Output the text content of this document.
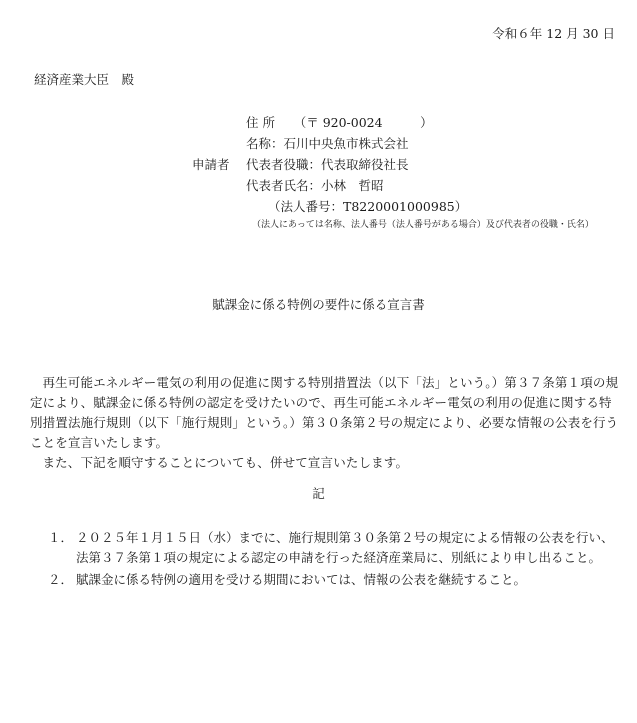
令和６年 12 月 30 日
経済産業大臣　殿
申請者
住 所　　（〒 920-0024　　　）
名称：石川中央魚市株式会社
代表者役職：代表取締役社長
代表者氏名：小林　哲昭
（法人番号：T8220001000985）
（法人にあっては名称、法人番号（法人番号がある場合）及び代表者の役職・氏名）
賦課金に係る特例の要件に係る宣言書

再生可能エネルギー電気の利用の促進に関する特別措置法（以下「法」という。）第３７条第１項の規定により、賦課金に係る特例の認定を受けたいので、再生可能エネルギー電気の利用の促進に関する特別措置法施行規則（以下「施行規則」という。）第３０条第２号の規定により、必要な情報の公表を行うことを宣言いたします。

また、下記を順守することについても、併せて宣言いたします。

記
１． ２０２５年１月１５日（水）までに、施行規則第３０条第２号の規定による情報の公表を行い、法第３７条第１項の規定による認定の申請を行った経済産業局に、別紙により申し出ること。
２． 賦課金に係る特例の適用を受ける期間においては、情報の公表を継続すること。
